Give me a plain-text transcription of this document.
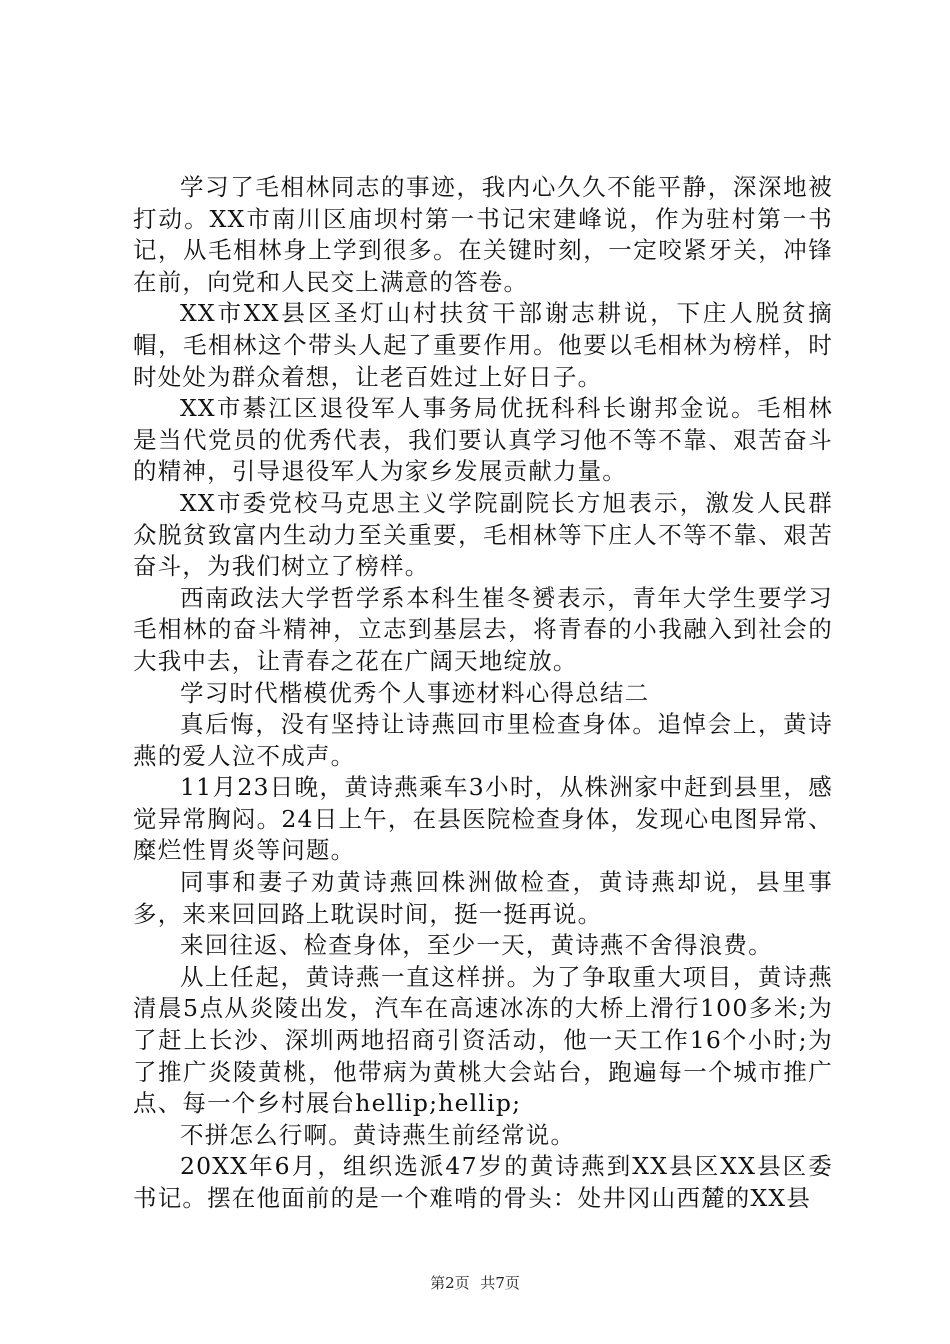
学习了毛相林同志的事迹，我内心久久不能平静，深深地被打动。XX市南川区庙坝村第一书记宋建峰说，作为驻村第一书记，从毛相林身上学到很多。在关键时刻，一定咬紧牙关，冲锋在前，向党和人民交上满意的答卷。

XX市XX县区圣灯山村扶贫干部谢志耕说，下庄人脱贫摘帽，毛相林这个带头人起了重要作用。他要以毛相林为榜样，时时处处为群众着想，让老百姓过上好日子。

XX市綦江区退役军人事务局优抚科科长谢邦金说。毛相林是当代党员的优秀代表，我们要认真学习他不等不靠、艰苦奋斗的精神，引导退役军人为家乡发展贡献力量。

XX市委党校马克思主义学院副院长方旭表示，激发人民群众脱贫致富内生动力至关重要，毛相林等下庄人不等不靠、艰苦奋斗，为我们树立了榜样。

西南政法大学哲学系本科生崔冬赟表示，青年大学生要学习毛相林的奋斗精神，立志到基层去，将青春的小我融入到社会的大我中去，让青春之花在广阔天地绽放。

学习时代楷模优秀个人事迹材料心得总结二

真后悔，没有坚持让诗燕回市里检查身体。追悼会上，黄诗燕的爱人泣不成声。

11月23日晚，黄诗燕乘车3小时，从株洲家中赶到县里，感觉异常胸闷。24日上午，在县医院检查身体，发现心电图异常、糜烂性胃炎等问题。

同事和妻子劝黄诗燕回株洲做检查，黄诗燕却说，县里事多，来来回回路上耽误时间，挺一挺再说。

来回往返、检查身体，至少一天，黄诗燕不舍得浪费。

从上任起，黄诗燕一直这样拼。为了争取重大项目，黄诗燕清晨5点从炎陵出发，汽车在高速冰冻的大桥上滑行100多米;为了赶上长沙、深圳两地招商引资活动，他一天工作16个小时;为了推广炎陵黄桃，他带病为黄桃大会站台，跑遍每一个城市推广点、每一个乡村展台hellip;hellip;

不拼怎么行啊。黄诗燕生前经常说。

20XX年6月，组织选派47岁的黄诗燕到XX县区XX县区委书记。摆在他面前的是一个难啃的骨头：处井冈山西麓的XX县

第2页 共7页
